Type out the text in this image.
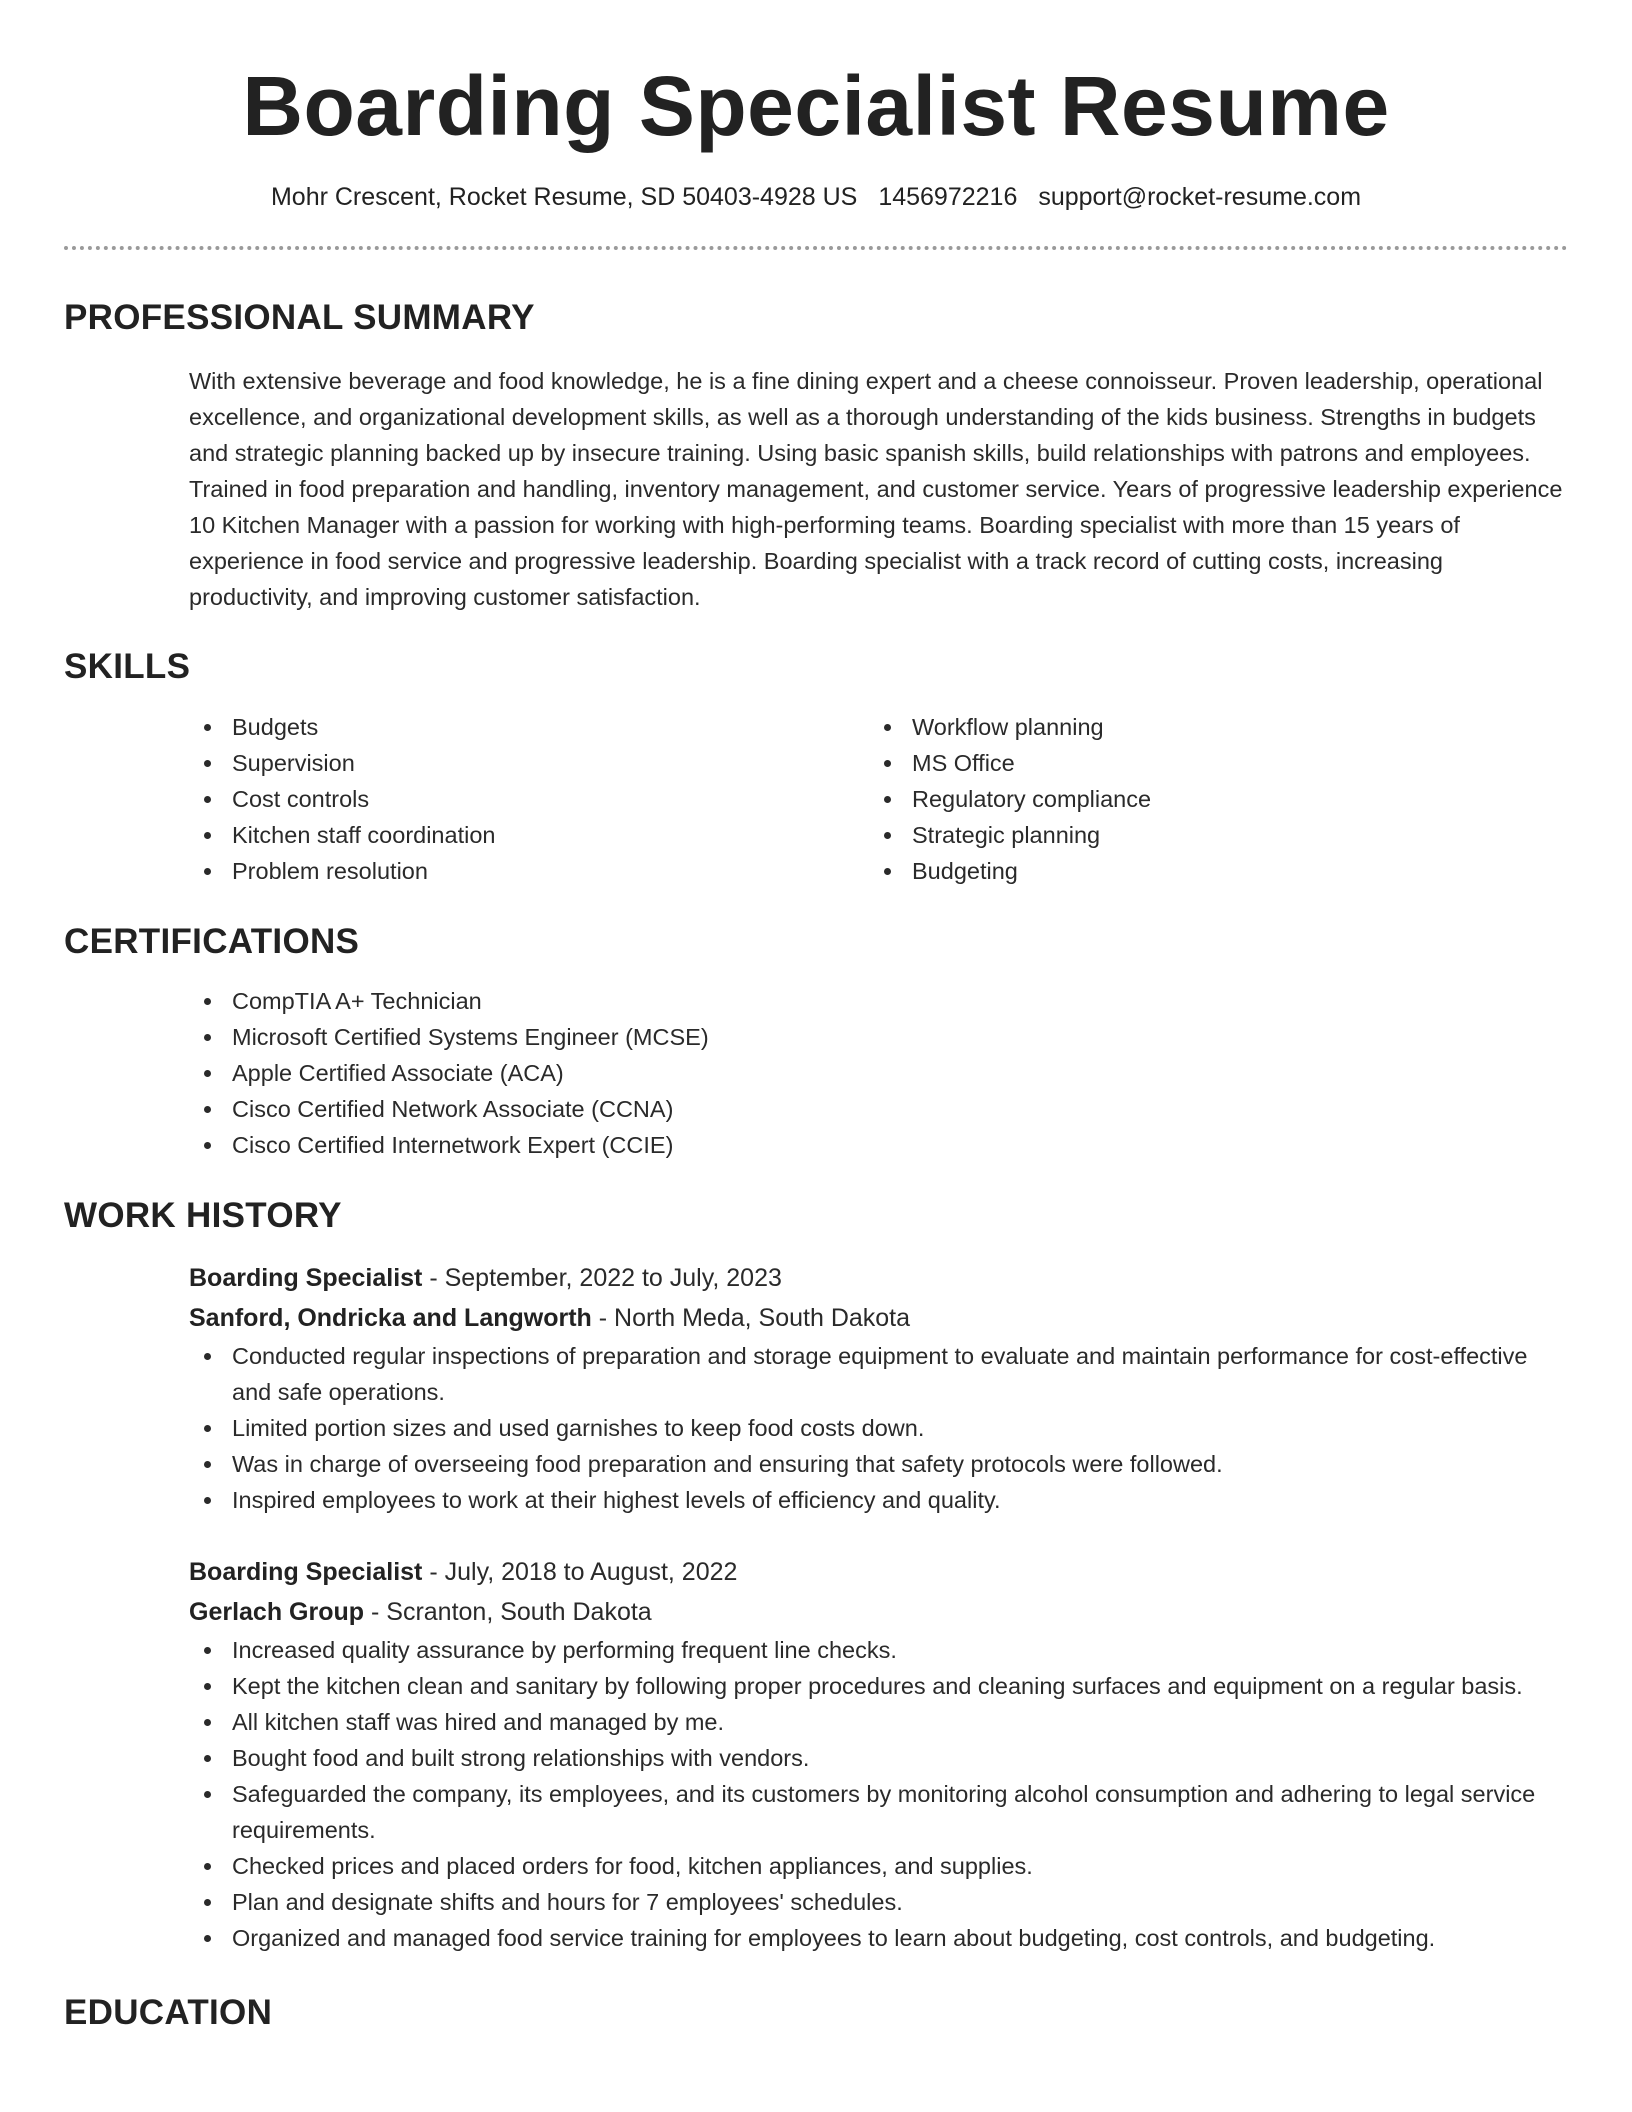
Boarding Specialist Resume
Mohr Crescent, Rocket Resume, SD 50403-4928 US 1456972216 support@rocket-resume.com
PROFESSIONAL SUMMARY
With extensive beverage and food knowledge, he is a fine dining expert and a cheese connoisseur. Proven leadership, operational excellence, and organizational development skills, as well as a thorough understanding of the kids business. Strengths in budgets and strategic planning backed up by insecure training. Using basic spanish skills, build relationships with patrons and employees. Trained in food preparation and handling, inventory management, and customer service. Years of progressive leadership experience 10 Kitchen Manager with a passion for working with high-performing teams. Boarding specialist with more than 15 years of experience in food service and progressive leadership. Boarding specialist with a track record of cutting costs, increasing productivity, and improving customer satisfaction.
SKILLS
Budgets
Supervision
Cost controls
Kitchen staff coordination
Problem resolution
Workflow planning
MS Office
Regulatory compliance
Strategic planning
Budgeting
CERTIFICATIONS
CompTIA A+ Technician
Microsoft Certified Systems Engineer (MCSE)
Apple Certified Associate (ACA)
Cisco Certified Network Associate (CCNA)
Cisco Certified Internetwork Expert (CCIE)
WORK HISTORY
Boarding Specialist - September, 2022 to July, 2023
Sanford, Ondricka and Langworth - North Meda, South Dakota
Conducted regular inspections of preparation and storage equipment to evaluate and maintain performance for cost-effective and safe operations.
Limited portion sizes and used garnishes to keep food costs down.
Was in charge of overseeing food preparation and ensuring that safety protocols were followed.
Inspired employees to work at their highest levels of efficiency and quality.
Boarding Specialist - July, 2018 to August, 2022
Gerlach Group - Scranton, South Dakota
Increased quality assurance by performing frequent line checks.
Kept the kitchen clean and sanitary by following proper procedures and cleaning surfaces and equipment on a regular basis.
All kitchen staff was hired and managed by me.
Bought food and built strong relationships with vendors.
Safeguarded the company, its employees, and its customers by monitoring alcohol consumption and adhering to legal service requirements.
Checked prices and placed orders for food, kitchen appliances, and supplies.
Plan and designate shifts and hours for 7 employees' schedules.
Organized and managed food service training for employees to learn about budgeting, cost controls, and budgeting.
EDUCATION
